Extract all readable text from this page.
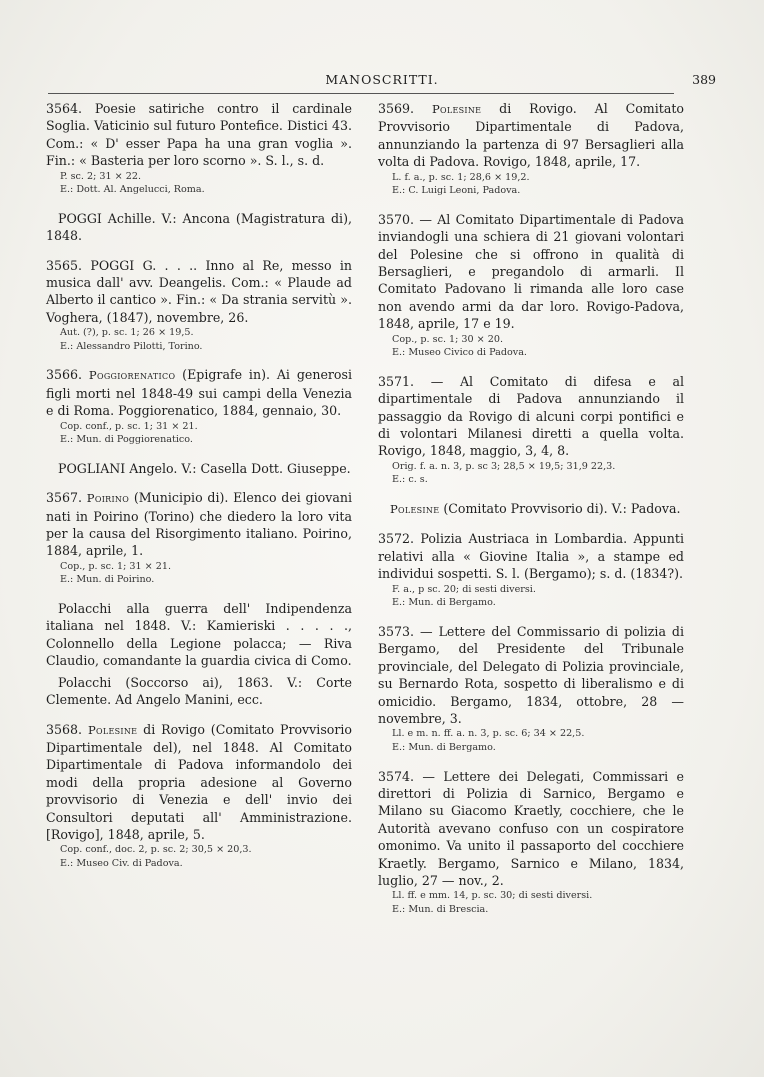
MANOSCRITTI.	389

3564. Poesie satiriche contro il cardinale Soglia. Vaticinio sul futuro Pontefice. Distici 43. Com.: « D' esser Papa ha una gran voglia ». Fin.: « Basteria per loro scorno ». S. l., s. d.

P. sc. 2; 31 × 22.
E.: Dott. Al. Angelucci, Roma.

POGGI Achille. V.: Ancona (Magistratura di), 1848.

3565. POGGI G. . . .. Inno al Re, messo in musica dall' avv. Deangelis. Com.: « Plaude ad Alberto il cantico ». Fin.: « Da strania servitù ». Voghera, (1847), novembre, 26.

Aut. (?), p. sc. 1; 26 × 19,5.
E.: Alessandro Pilotti, Torino.

3566. Poggiorenatico (Epigrafe in). Ai generosi figli morti nel 1848-49 sui campi della Venezia e di Roma. Poggiorenatico, 1884, gennaio, 30.

Cop. conf., p. sc. 1; 31 × 21.
E.: Mun. di Poggiorenatico.

POGLIANI Angelo. V.: Casella Dott. Giuseppe.

3567. Poirino (Municipio di). Elenco dei giovani nati in Poirino (Torino) che diedero la loro vita per la causa del Risorgimento italiano. Poirino, 1884, aprile, 1.

Cop., p. sc. 1; 31 × 21.
E.: Mun. di Poirino.

Polacchi alla guerra dell' Indipendenza italiana nel 1848. V.: Kamieriski . . . . ., Colonnello della Legione polacca; — Riva Claudio, comandante la guardia civica di Como.

Polacchi (Soccorso ai), 1863. V.: Corte Clemente. Ad Angelo Manini, ecc.

3568. Polesine di Rovigo (Comitato Provvisorio Dipartimentale del), nel 1848. Al Comitato Dipartimentale di Padova informandolo dei modi della propria adesione al Governo provvisorio di Venezia e dell' invio dei Consultori deputati all' Amministrazione. [Rovigo], 1848, aprile, 5.

Cop. conf., doc. 2, p. sc. 2; 30,5 × 20,3.
E.: Museo Civ. di Padova.

3569. Polesine di Rovigo. Al Comitato Provvisorio Dipartimentale di Padova, annunziando la partenza di 97 Bersaglieri alla volta di Padova. Rovigo, 1848, aprile, 17.

L. f. a., p. sc. 1; 28,6 × 19,2.
E.: C. Luigi Leoni, Padova.

3570. — Al Comitato Dipartimentale di Padova inviandogli una schiera di 21 giovani volontari del Polesine che si offrono in qualità di Bersaglieri, e pregandolo di armarli. Il Comitato Padovano li rimanda alle loro case non avendo armi da dar loro. Rovigo-Padova, 1848, aprile, 17 e 19.

Cop., p. sc. 1; 30 × 20.
E.: Museo Civico di Padova.

3571. — Al Comitato di difesa e al dipartimentale di Padova annunziando il passaggio da Rovigo di alcuni corpi pontifici e di volontari Milanesi diretti a quella volta. Rovigo, 1848, maggio, 3, 4, 8.

Orig. f. a. n. 3, p. sc 3; 28,5 × 19,5; 31,9 22,3.
E.: c. s.

Polesine (Comitato Provvisorio di). V.: Padova.

3572. Polizia Austriaca in Lombardia. Appunti relativi alla « Giovine Italia », a stampe ed individui sospetti. S. l. (Bergamo); s. d. (1834?).

F. a., p sc. 20; di sesti diversi.
E.: Mun. di Bergamo.

3573. — Lettere del Commissario di polizia di Bergamo, del Presidente del Tribunale provinciale, del Delegato di Polizia provinciale, su Bernardo Rota, sospetto di liberalismo e di omicidio. Bergamo, 1834, ottobre, 28 — novembre, 3.

Ll. e m. n. ff. a. n. 3, p. sc. 6; 34 × 22,5.
E.: Mun. di Bergamo.

3574. — Lettere dei Delegati, Commissari e direttori di Polizia di Sarnico, Bergamo e Milano su Giacomo Kraetly, cocchiere, che le Autorità avevano confuso con un cospiratore omonimo. Va unito il passaporto del cocchiere Kraetly. Bergamo, Sarnico e Milano, 1834, luglio, 27 — nov., 2.

Ll. ff. e mm. 14, p. sc. 30; di sesti diversi.
E.: Mun. di Brescia.
